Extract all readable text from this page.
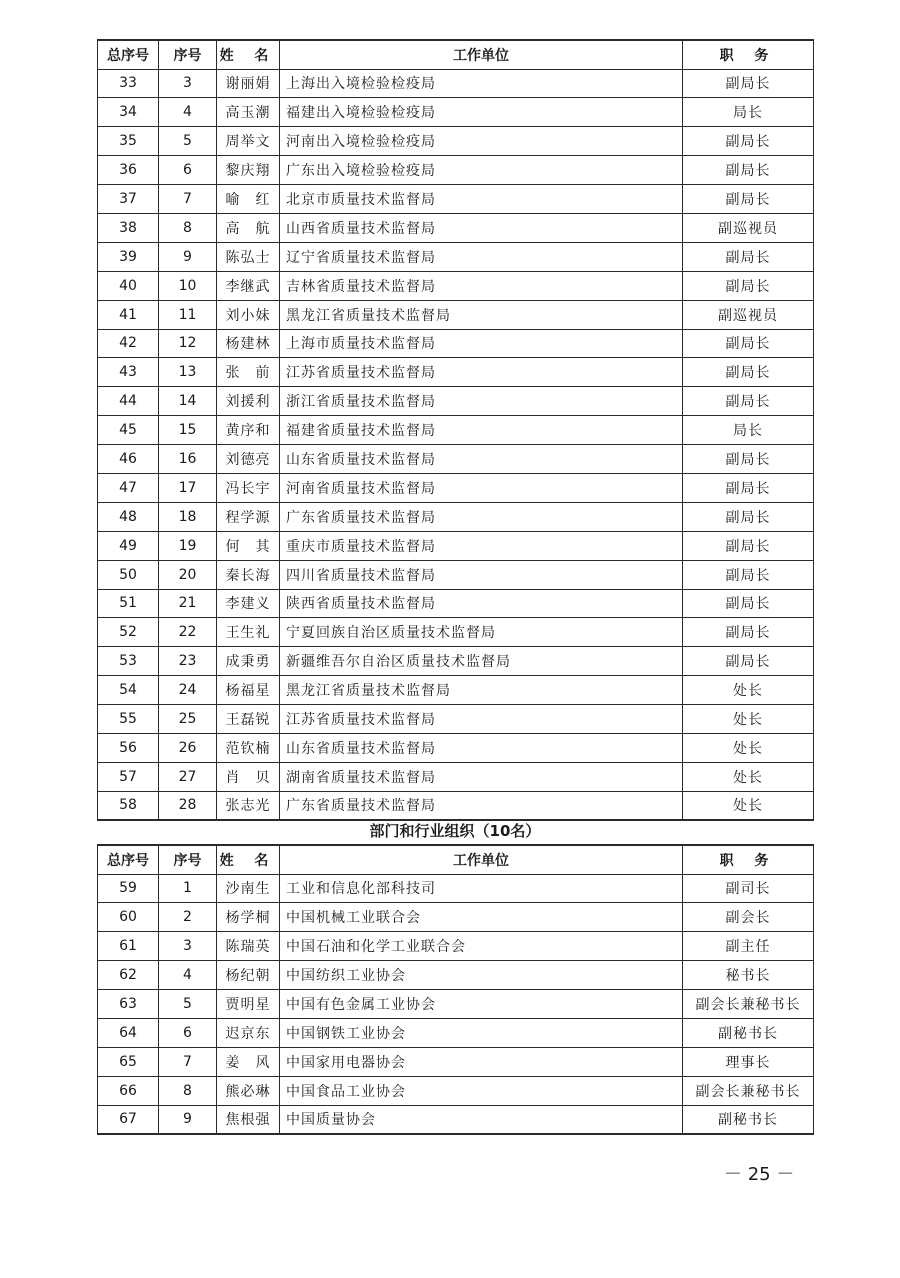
总序号	序号	姓 名	工作单位	职 务
33	3	谢丽娟	上海出入境检验检疫局	副局长
34	4	高玉潮	福建出入境检验检疫局	局长
35	5	周举文	河南出入境检验检疫局	副局长
36	6	黎庆翔	广东出入境检验检疫局	副局长
37	7	喻　红	北京市质量技术监督局	副局长
38	8	高　航	山西省质量技术监督局	副巡视员
39	9	陈弘士	辽宁省质量技术监督局	副局长
40	10	李继武	吉林省质量技术监督局	副局长
41	11	刘小妹	黑龙江省质量技术监督局	副巡视员
42	12	杨建林	上海市质量技术监督局	副局长
43	13	张　前	江苏省质量技术监督局	副局长
44	14	刘援利	浙江省质量技术监督局	副局长
45	15	黄序和	福建省质量技术监督局	局长
46	16	刘德亮	山东省质量技术监督局	副局长
47	17	冯长宇	河南省质量技术监督局	副局长
48	18	程学源	广东省质量技术监督局	副局长
49	19	何　其	重庆市质量技术监督局	副局长
50	20	秦长海	四川省质量技术监督局	副局长
51	21	李建义	陕西省质量技术监督局	副局长
52	22	王生礼	宁夏回族自治区质量技术监督局	副局长
53	23	成秉勇	新疆维吾尔自治区质量技术监督局	副局长
54	24	杨福星	黑龙江省质量技术监督局	处长
55	25	王磊锐	江苏省质量技术监督局	处长
56	26	范钦楠	山东省质量技术监督局	处长
57	27	肖　贝	湖南省质量技术监督局	处长
58	28	张志光	广东省质量技术监督局	处长
部门和行业组织（10名）
总序号	序号	姓 名	工作单位	职 务
59	1	沙南生	工业和信息化部科技司	副司长
60	2	杨学桐	中国机械工业联合会	副会长
61	3	陈瑞英	中国石油和化学工业联合会	副主任
62	4	杨纪朝	中国纺织工业协会	秘书长
63	5	贾明星	中国有色金属工业协会	副会长兼秘书长
64	6	迟京东	中国钢铁工业协会	副秘书长
65	7	姜　风	中国家用电器协会	理事长
66	8	熊必琳	中国食品工业协会	副会长兼秘书长
67	9	焦根强	中国质量协会	副秘书长
－ 25 －
